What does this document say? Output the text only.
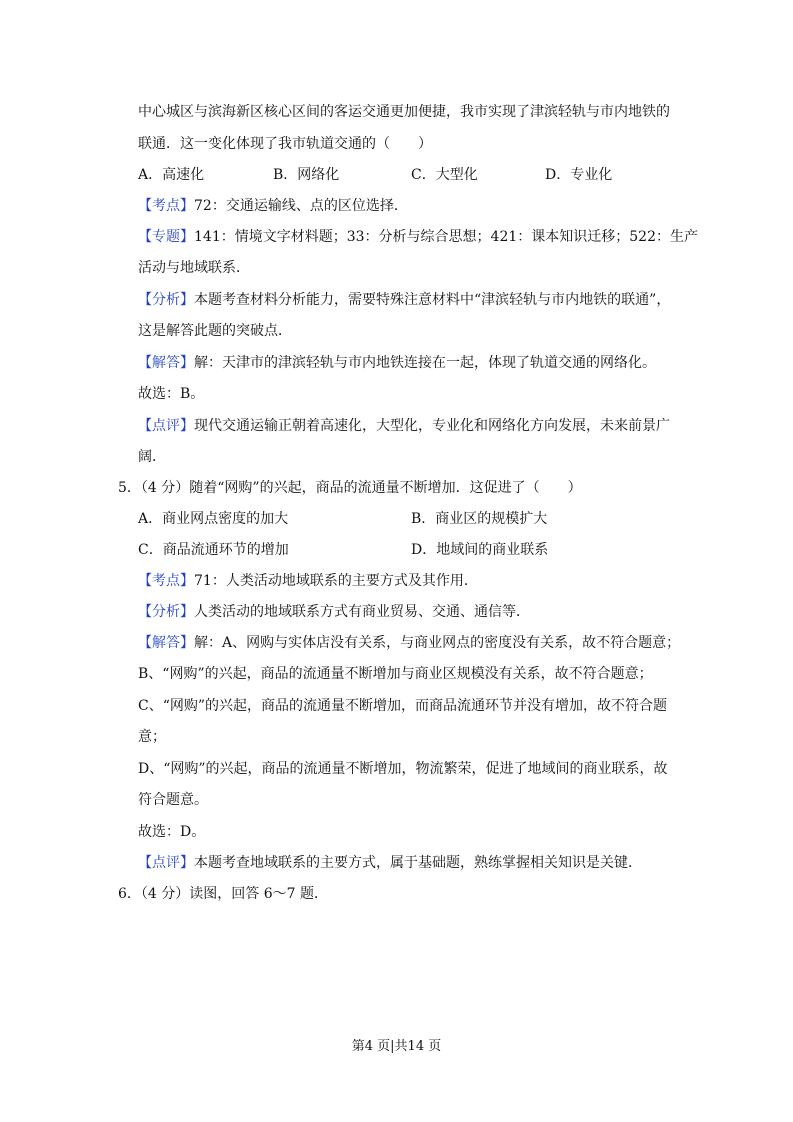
中心城区与滨海新区核心区间的客运交通更加便捷，我市实现了津滨轻轨与市内地铁的
联通．这一变化体现了我市轨道交通的（　　）
A．高速化	B．网络化	C．大型化	D．专业化
【考点】72：交通运输线、点的区位选择．
【专题】141：情境文字材料题；33：分析与综合思想；421：课本知识迁移；522：生产
活动与地域联系．
【分析】本题考查材料分析能力，需要特殊注意材料中“津滨轻轨与市内地铁的联通”，
这是解答此题的突破点．
【解答】解：天津市的津滨轻轨与市内地铁连接在一起，体现了轨道交通的网络化。
故选：B。
【点评】现代交通运输正朝着高速化，大型化，专业化和网络化方向发展，未来前景广
阔．
5．（4 分）随着“网购”的兴起，商品的流通量不断增加．这促进了（　　）
A．商业网点密度的加大	B．商业区的规模扩大
C．商品流通环节的增加	D．地域间的商业联系
【考点】71：人类活动地域联系的主要方式及其作用．
【分析】人类活动的地域联系方式有商业贸易、交通、通信等．
【解答】解：A、网购与实体店没有关系，与商业网点的密度没有关系，故不符合题意；
B、“网购”的兴起，商品的流通量不断增加与商业区规模没有关系，故不符合题意；
C、“网购”的兴起，商品的流通量不断增加，而商品流通环节并没有增加，故不符合题
意；
D、“网购”的兴起，商品的流通量不断增加，物流繁荣，促进了地域间的商业联系，故
符合题意。
故选：D。
【点评】本题考查地域联系的主要方式，属于基础题，熟练掌握相关知识是关键．
6．（4 分）读图，回答 6～7 题．
第4 页|共14 页
